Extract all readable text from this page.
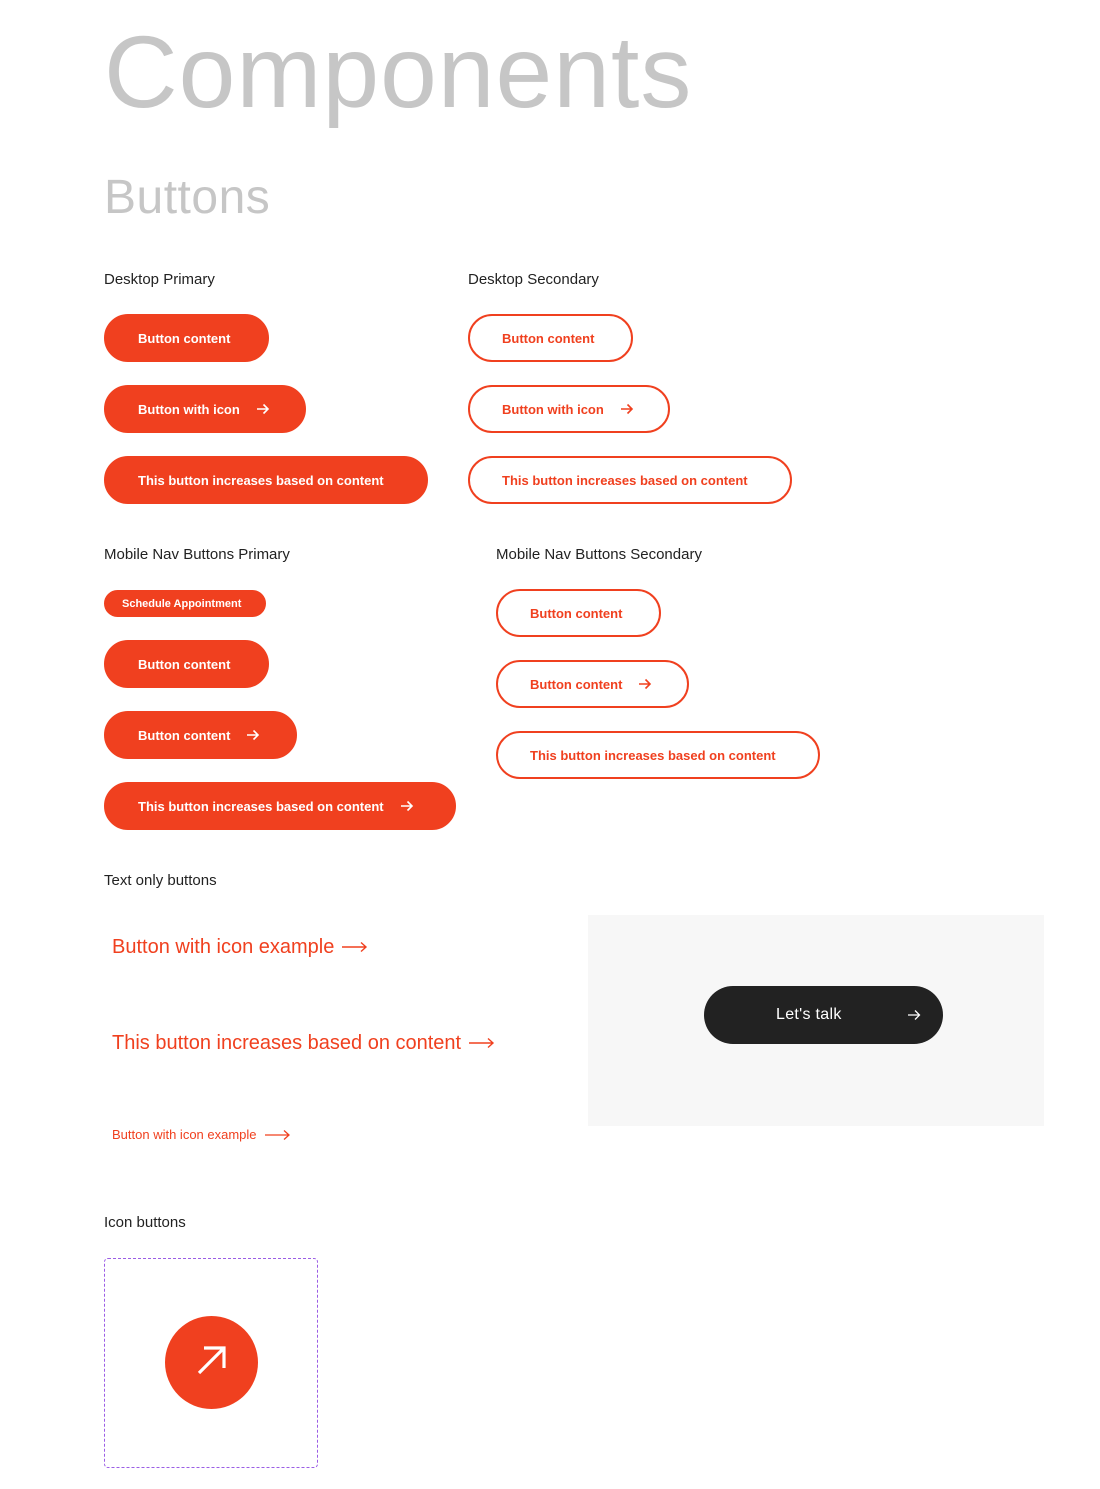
Components
Buttons
Desktop Primary
Button content
Button with icon
This button increases based on content
Desktop Secondary
Button content
Button with icon
This button increases based on content
Mobile Nav Buttons Primary
Schedule Appointment
Button content
Button content
This button increases based on content
Mobile Nav Buttons Secondary
Button content
Button content
This button increases based on content
Text only buttons
Button with icon example
This button increases based on content
Button with icon example
Let's talk
Icon buttons
